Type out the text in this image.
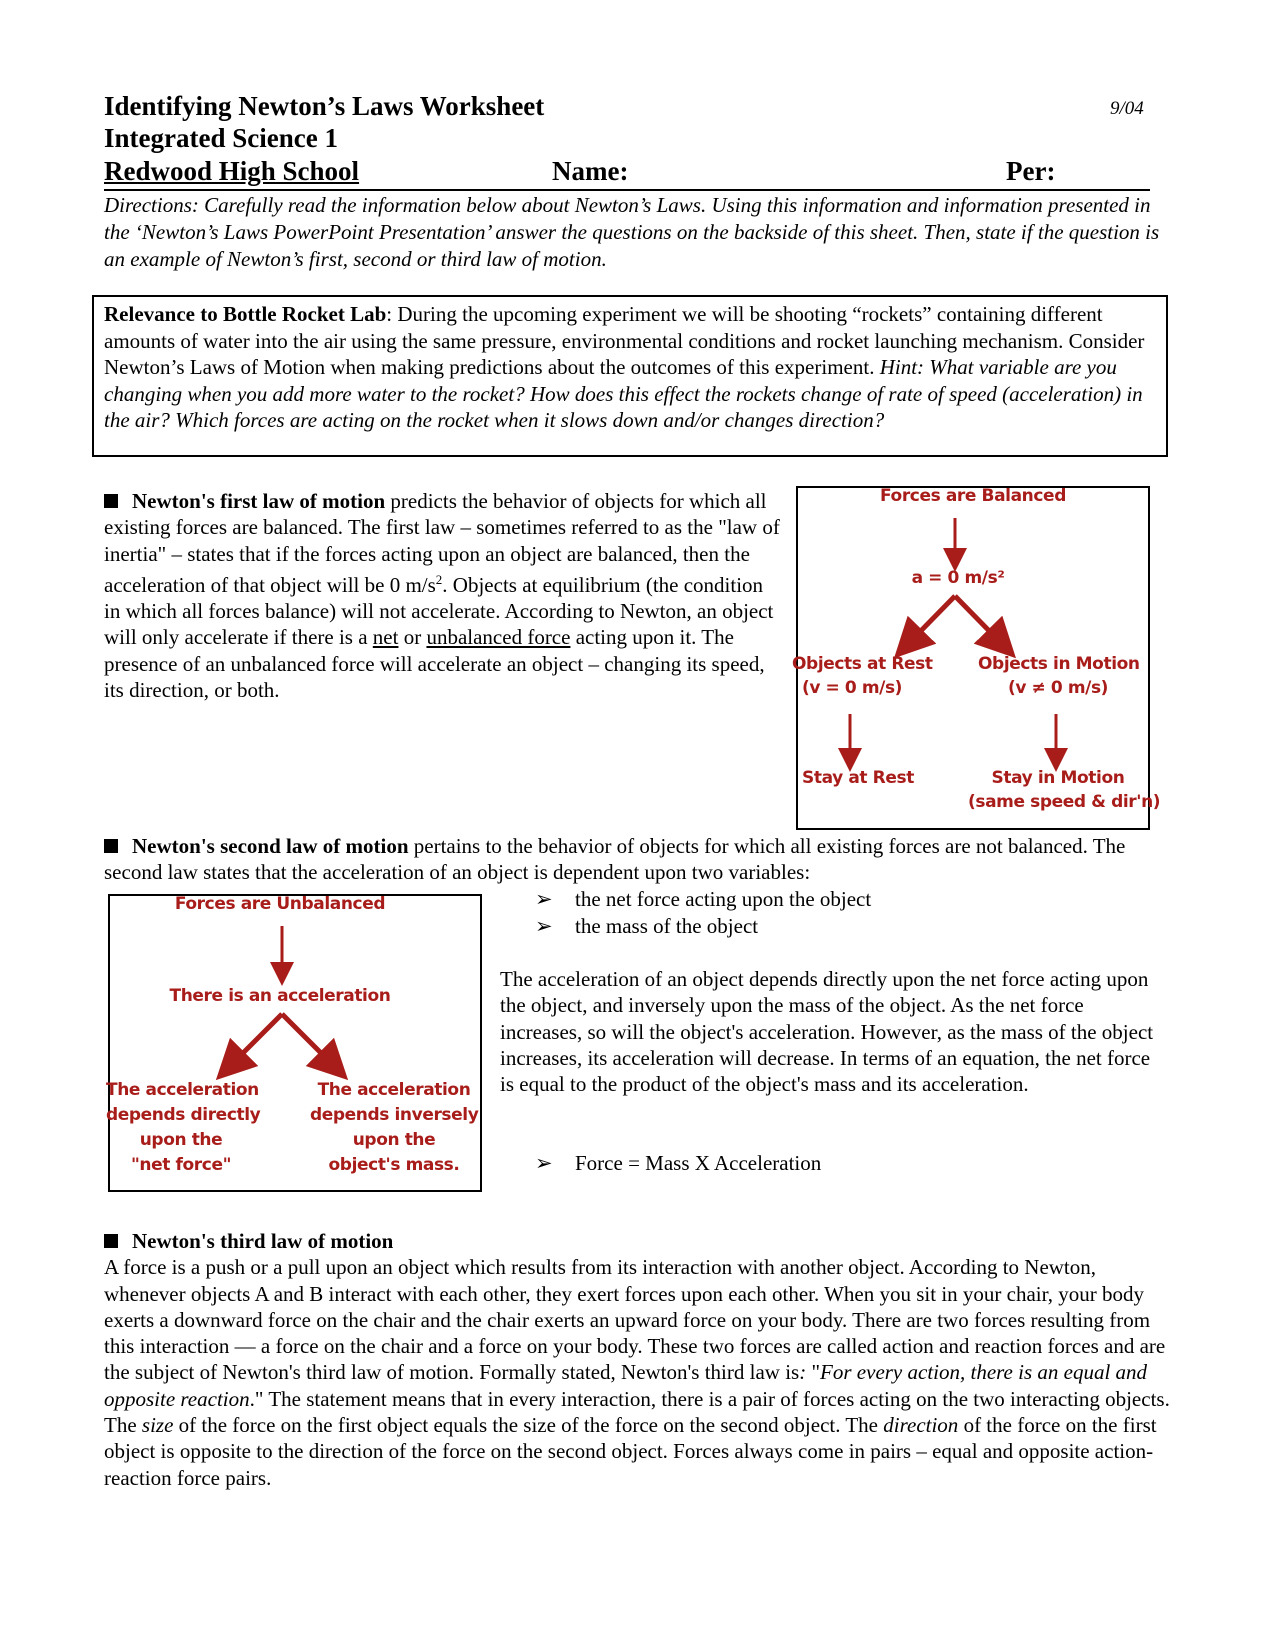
Identifying Newton’s Laws Worksheet	9/04
Integrated Science 1
Redwood High School	Name:	Per:
Directions: Carefully read the information below about Newton’s Laws. Using this information and information presented in the ‘Newton’s Laws PowerPoint Presentation’ answer the questions on the backside of this sheet. Then, state if the question is an example of Newton’s first, second or third law of motion.
Relevance to Bottle Rocket Lab: During the upcoming experiment we will be shooting “rockets” containing different amounts of water into the air using the same pressure, environmental conditions and rocket launching mechanism. Consider Newton’s Laws of Motion when making predictions about the outcomes of this experiment. Hint: What variable are you changing when you add more water to the rocket? How does this effect the rockets change of rate of speed (acceleration) in the air? Which forces are acting on the rocket when it slows down and/or changes direction?
Newton's first law of motion predicts the behavior of objects for which all existing forces are balanced. The first law – sometimes referred to as the "law of inertia" – states that if the forces acting upon an object are balanced, then the acceleration of that object will be 0 $m/s^2$. Objects at equilibrium (the condition in which all forces balance) will not accelerate. According to Newton, an object will only accelerate if there is a net or unbalanced force acting upon it. The presence of an unbalanced force will accelerate an object – changing its speed, its direction, or both.
Forces are Balanced
a = 0 m/s²
Objects at Rest
(v = 0 m/s)
Objects in Motion
(v ≠ 0 m/s)
Stay at Rest	Stay in Motion
(same speed & dir'n)
Newton's second law of motion pertains to the behavior of objects for which all existing forces are not balanced. The second law states that the acceleration of an object is dependent upon two variables:
Forces are Unbalanced
There is an acceleration
The acceleration
depends directly
upon the
"net force"
The acceleration
depends inversely
upon the
object's mass.
➢ the net force acting upon the object
➢ the mass of the object
The acceleration of an object depends directly upon the net force acting upon the object, and inversely upon the mass of the object. As the net force increases, so will the object's acceleration. However, as the mass of the object increases, its acceleration will decrease. In terms of an equation, the net force is equal to the product of the object's mass and its acceleration.
➢ Force = Mass X Acceleration
Newton's third law of motion
A force is a push or a pull upon an object which results from its interaction with another object. According to Newton, whenever objects A and B interact with each other, they exert forces upon each other. When you sit in your chair, your body exerts a downward force on the chair and the chair exerts an upward force on your body. There are two forces resulting from this interaction — a force on the chair and a force on your body. These two forces are called action and reaction forces and are the subject of Newton's third law of motion. Formally stated, Newton's third law is: "For every action, there is an equal and opposite reaction." The statement means that in every interaction, there is a pair of forces acting on the two interacting objects. The size of the force on the first object equals the size of the force on the second object. The direction of the force on the first object is opposite to the direction of the force on the second object. Forces always come in pairs – equal and opposite action-reaction force pairs.
